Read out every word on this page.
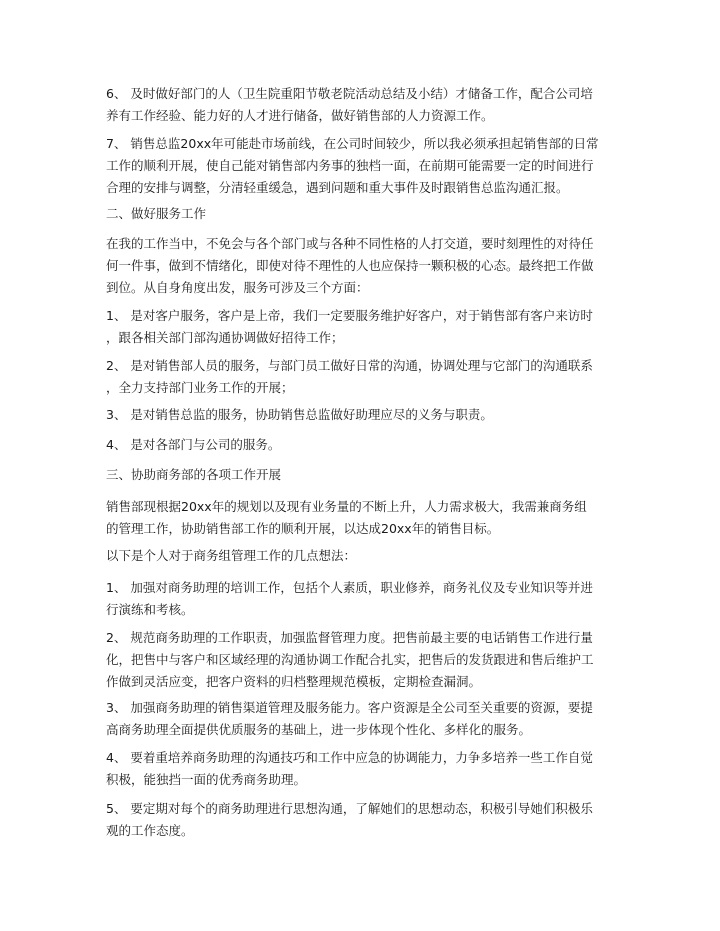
6、 及时做好部门的人（卫生院重阳节敬老院活动总结及小结）才储备工作，配合公司培
养有工作经验、能力好的人才进行储备，做好销售部的人力资源工作。

7、 销售总监20xx年可能赴市场前线，在公司时间较少，所以我必须承担起销售部的日常
工作的顺利开展，使自己能对销售部内务事的独档一面，在前期可能需要一定的时间进行
合理的安排与调整，分清轻重缓急，遇到问题和重大事件及时跟销售总监沟通汇报。

二、做好服务工作

在我的工作当中，不免会与各个部门或与各种不同性格的人打交道，要时刻理性的对待任
何一件事，做到不情绪化，即使对待不理性的人也应保持一颗积极的心态。最终把工作做
到位。从自身角度出发，服务可涉及三个方面：

1、 是对客户服务，客户是上帝，我们一定要服务维护好客户，对于销售部有客户来访时
，跟各相关部门部沟通协调做好招待工作；

2、 是对销售部人员的服务，与部门员工做好日常的沟通，协调处理与它部门的沟通联系
，全力支持部门业务工作的开展；

3、 是对销售总监的服务，协助销售总监做好助理应尽的义务与职责。

4、 是对各部门与公司的服务。

三、协助商务部的各项工作开展

销售部现根据20xx年的规划以及现有业务量的不断上升，人力需求极大，我需兼商务组
的管理工作，协助销售部工作的顺利开展，以达成20xx年的销售目标。

以下是个人对于商务组管理工作的几点想法：

1、 加强对商务助理的培训工作，包括个人素质，职业修养，商务礼仪及专业知识等并进
行演练和考核。

2、 规范商务助理的工作职责，加强监督管理力度。把售前最主要的电话销售工作进行量
化，把售中与客户和区域经理的沟通协调工作配合扎实，把售后的发货跟进和售后维护工
作做到灵活应变，把客户资料的归档整理规范模板，定期检查漏洞。

3、 加强商务助理的销售渠道管理及服务能力。客户资源是全公司至关重要的资源，要提
高商务助理全面提供优质服务的基础上，进一步体现个性化、多样化的服务。

4、 要着重培养商务助理的沟通技巧和工作中应急的协调能力，力争多培养一些工作自觉
积极，能独挡一面的优秀商务助理。

5、 要定期对每个的商务助理进行思想沟通，了解她们的思想动态，积极引导她们积极乐
观的工作态度。
